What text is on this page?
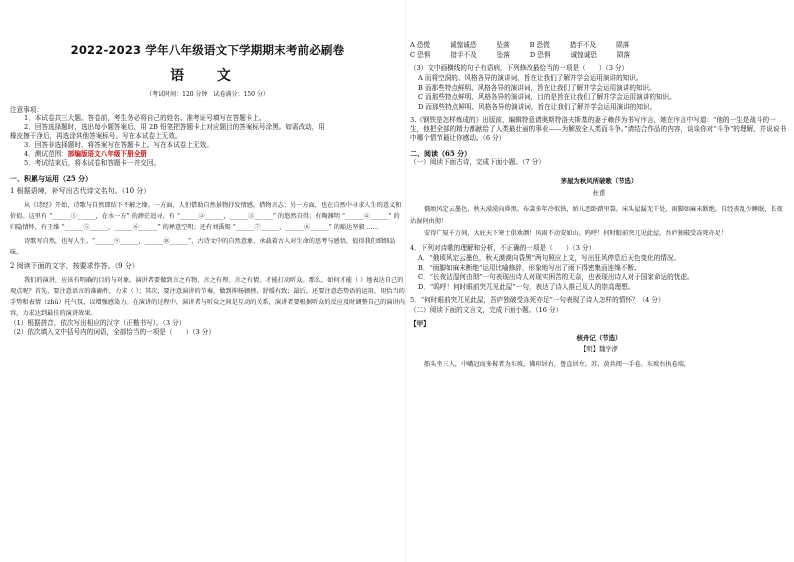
2022-2023 学年八年级语文下学期期末考前必刷卷
语 文
（考试时间：120 分钟　试卷满分：150 分）
注意事项：
1．本试卷共三大题。答卷前，考生务必将自己的姓名、准考证号填写在答题卡上。
2．回答选择题时，选出每小题答案后，用 2B 铅笔把答题卡上对应题目的答案标号涂黑。如需改动，用
橡皮擦干净后，再选涂其他答案标号。写在本试卷上无效。
3．回答非选择题时，将答案写在答题卡上。写在本试卷上无效。
4．测试范围：部编版语文八年级下册全册
5．考试结束后，将本试卷和答题卡一并交回。
一、积累与运用（25 分）
1 根据语境，补写出古代诗文名句。（10 分）
从《诗经》开始，诗歌与自然即结下不解之缘。一方面，人们借助自然景物抒发情感，借物言志；另一方面，也在自然中寻求人生的意义和价值。这里有 “______①______，在水一方” 的渺茫追寻，有 “______②______，______③______” 的悠然自得；有陶渊明 “______④______” 的归隐情怀，有王维 “______⑤______，______⑥______” 的禅意空明；还有刘禹锡 “______⑦______，______⑧______” 的豁达坚毅 ……
诗歌写自然，也写人生。“______⑨______，______⑩______”，古诗文中的自然意象，承载着古人对生命的思考与感悟，值得我们细细品味。
2 阅读下面的文字，按要求作答。（9 分）
我们的演讲，应该有明确的目的与对象。演讲者要做到言之有物、言之有理、言之有情，才能打动听众。那么，如何才能（ ）地表达自己的观点呢？首先，要注意语言的准确性，力求（ ）；其次，要注意演讲的节奏，做到抑扬顿挫、舒缓有致；最后，还要注意态势语的运用，用恰当的手势和表情（zhǔ）托气氛，以增强感染力。在演讲的过程中，演讲者与听众之间是互动的关系，演讲者要根据听众的反应及时调整自己的演讲内容，力求达到最佳的演讲效果。
（1）根据拼音，依次写出相应的汉字（正楷书写）。（3 分）
（2）依次填入文中括号内的词语，全部恰当的一项是（　　）（3 分）
A 恐慌	诚惶诚恐	坠落	B 恐慌	措手不及	陨落
C 恐惧	措手不及	坠落	D 恐惧	诚惶诚恐	陨落
（3）文中画横线的句子有语病，下列修改最恰当的一项是（　　）（3 分）
A 而将空洞的、风格各异的演讲词，旨在让我们了解并学会运用演讲的知识。
B 而那些特点鲜明、风格各异的演讲词，旨在让我们了解并学会运用演讲的知识。
C 而那些特点鲜明、风格各异的演讲词，目的是旨在让我们了解并学会运用演讲的知识。
D 而那些特点鲜明、风格各异的演讲词，旨在让我们了解并学会运用演讲的知识。
3.《钢铁是怎样炼成的》出版前，编辑特意请奥斯特洛夫斯基的妻子赖莎为书写序言，她在序言中写道：“他的一生是战斗的一生，他把全部的精力都献给了人类最壮丽的事业——为解放全人类而斗争。”请结合作品的内容，谈谈你对“斗争”的理解，并说说书中哪个情节最让你感动。（6 分）
二、阅读（65 分）
（一）阅读下面古诗，完成下面小题。（7 分）
茅屋为秋风所破歌（节选）
杜甫
俄顷风定云墨色，秋天漠漠向昏黑。布衾多年冷似铁，娇儿恶卧踏里裂。床头屋漏无干处，雨脚如麻未断绝。自经丧乱少睡眠，长夜沾湿何由彻！
安得广厦千万间，大庇天下寒士俱欢颜！风雨不动安如山。呜呼！何时眼前突兀见此屋，吾庐独破受冻死亦足！
4．下列对诗歌的理解和分析，不正确的一项是（　　）（3 分）
A．“俄顷风定云墨色，秋天漠漠向昏黑”两句照应上文，写出狂风停息后天色变化的情况。
B．“雨脚如麻未断绝”运用比喻修辞，形象地写出了雨下得密集而连绵不断。
C．“长夜沾湿何由彻”一句表现出诗人对现实困苦的无奈，也表现出诗人对于国家命运的忧虑。
D．“呜呼！何时眼前突兀见此屋”一句，表达了诗人推己及人的崇高理想。
5．“何时眼前突兀见此屋，吾庐独破受冻死亦足”一句表现了诗人怎样的情怀？（4 分）
（二）阅读下面的文言文，完成下面小题。（16 分）
【甲】
核舟记（节选）
【明】魏学洢
船头坐三人，中峨冠而多髯者为东坡，佛印居右，鲁直居左。苏、黄共阅一手卷。东坡右执卷端，
